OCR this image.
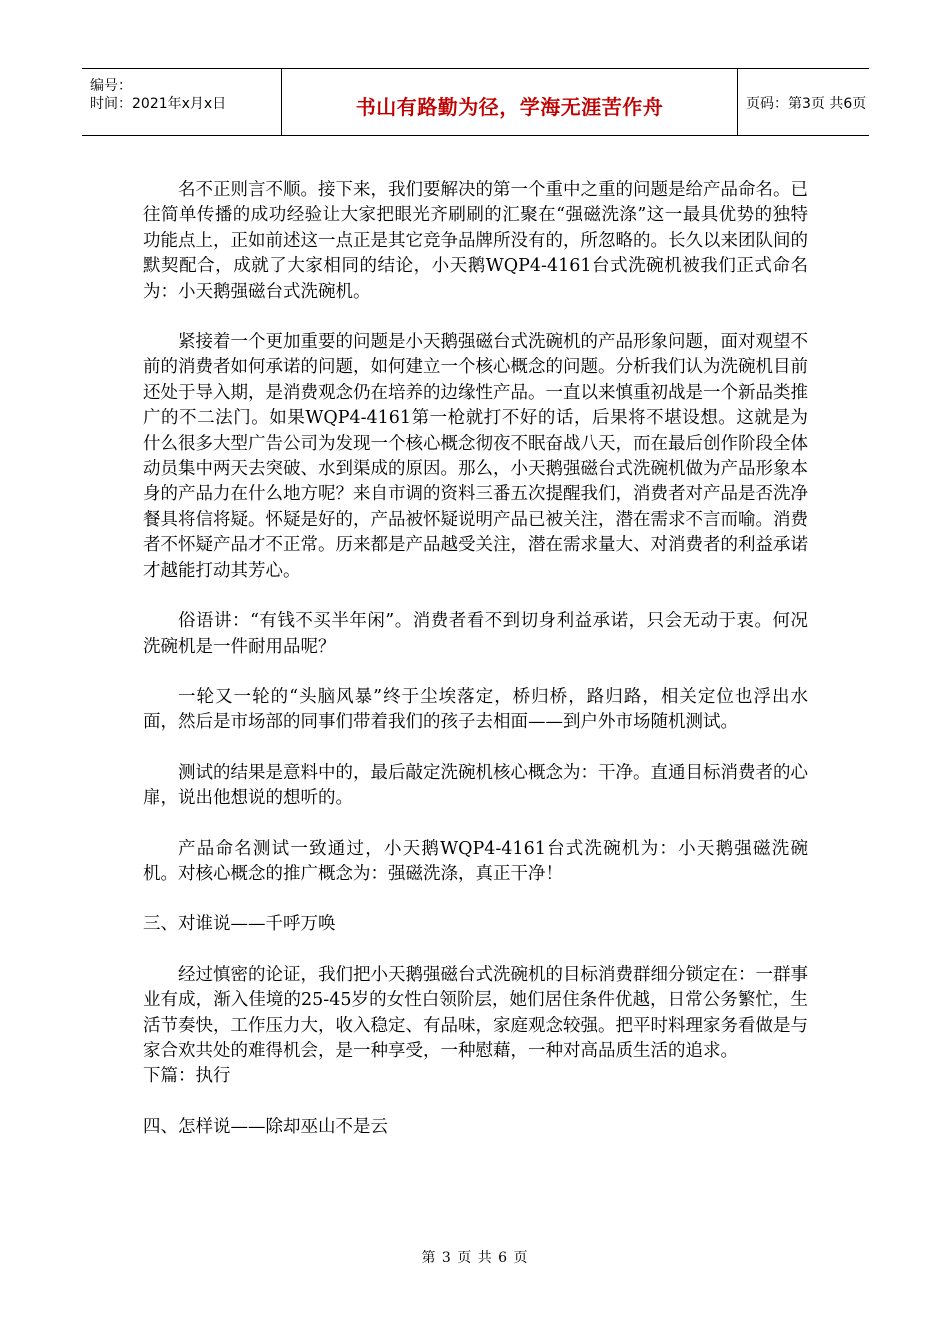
编号：
时间：2021年x月x日	书山有路勤为径，学海无涯苦作舟	页码：第3页 共6页

名不正则言不顺。接下来，我们要解决的第一个重中之重的问题是给产品命名。已往简单传播的成功经验让大家把眼光齐刷刷的汇聚在“强磁洗涤”这一最具优势的独特功能点上，正如前述这一点正是其它竞争品牌所没有的，所忽略的。长久以来团队间的默契配合，成就了大家相同的结论，小天鹅WQP4-4161台式洗碗机被我们正式命名为：小天鹅强磁台式洗碗机。

紧接着一个更加重要的问题是小天鹅强磁台式洗碗机的产品形象问题，面对观望不前的消费者如何承诺的问题，如何建立一个核心概念的问题。分析我们认为洗碗机目前还处于导入期，是消费观念仍在培养的边缘性产品。一直以来慎重初战是一个新品类推广的不二法门。如果WQP4-4161第一枪就打不好的话，后果将不堪设想。这就是为什么很多大型广告公司为发现一个核心概念彻夜不眠奋战八天，而在最后创作阶段全体动员集中两天去突破、水到渠成的原因。那么，小天鹅强磁台式洗碗机做为产品形象本身的产品力在什么地方呢？来自市调的资料三番五次提醒我们，消费者对产品是否洗净餐具将信将疑。怀疑是好的，产品被怀疑说明产品已被关注，潜在需求不言而喻。消费者不怀疑产品才不正常。历来都是产品越受关注，潜在需求量大、对消费者的利益承诺才越能打动其芳心。

俗语讲：“有钱不买半年闲”。消费者看不到切身利益承诺，只会无动于衷。何况洗碗机是一件耐用品呢？

一轮又一轮的“头脑风暴”终于尘埃落定，桥归桥，路归路，相关定位也浮出水面，然后是市场部的同事们带着我们的孩子去相面——到户外市场随机测试。

测试的结果是意料中的，最后敲定洗碗机核心概念为：干净。直通目标消费者的心扉，说出他想说的想听的。

产品命名测试一致通过，小天鹅WQP4-4161台式洗碗机为：小天鹅强磁洗碗机。对核心概念的推广概念为：强磁洗涤，真正干净！

三、对谁说——千呼万唤

经过慎密的论证，我们把小天鹅强磁台式洗碗机的目标消费群细分锁定在：一群事业有成，渐入佳境的25-45岁的女性白领阶层，她们居住条件优越，日常公务繁忙，生活节奏快，工作压力大，收入稳定、有品味，家庭观念较强。把平时料理家务看做是与家合欢共处的难得机会，是一种享受，一种慰藉，一种对高品质生活的追求。

下篇：执行

四、怎样说——除却巫山不是云

第 3 页 共 6 页
